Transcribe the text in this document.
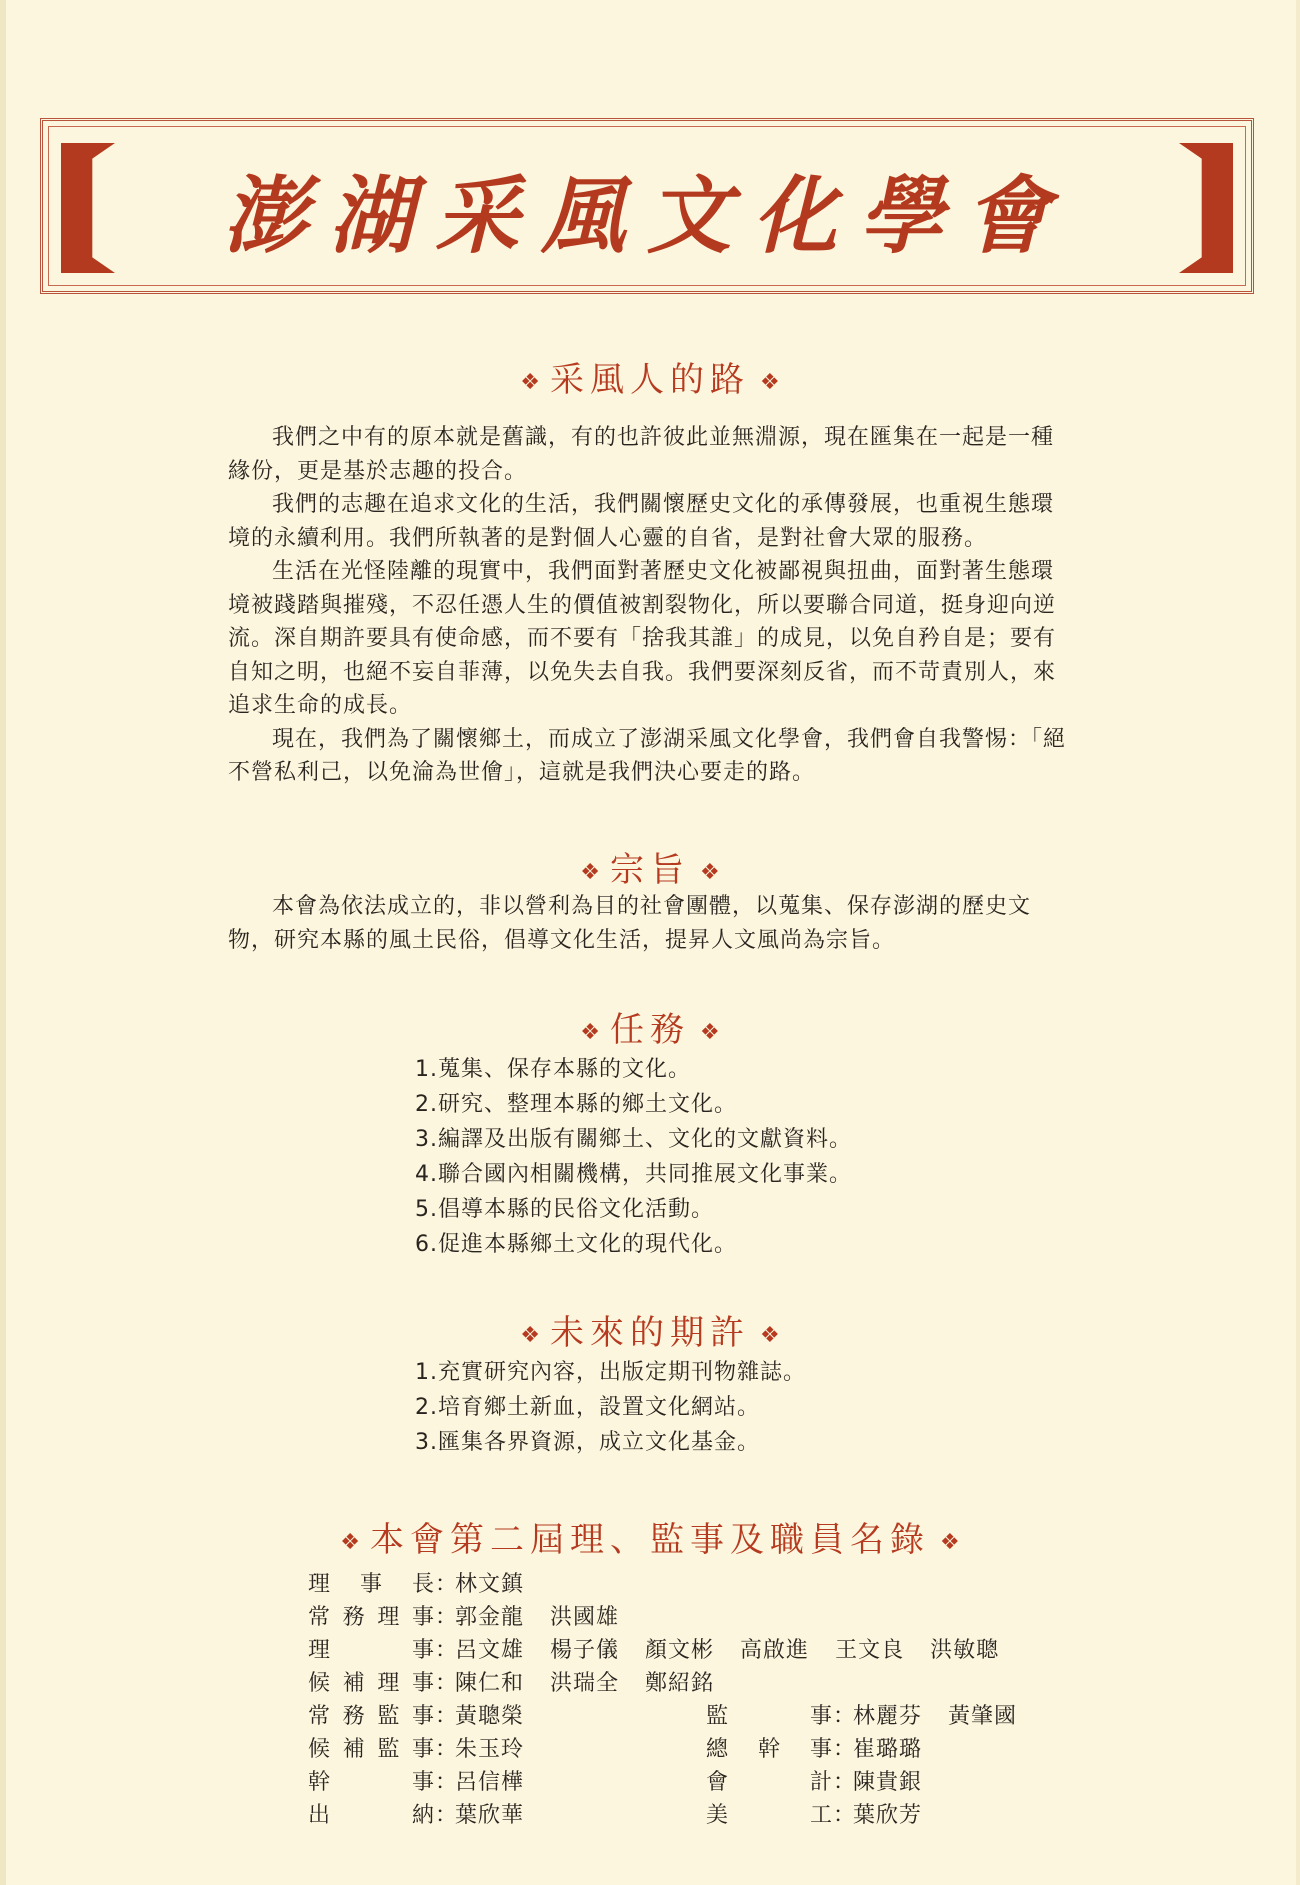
澎湖采風文化學會
❖ 采風人的路 ❖

我們之中有的原本就是舊識，有的也許彼此並無淵源，現在匯集在一起是一種緣份，更是基於志趣的投合。

我們的志趣在追求文化的生活，我們關懷歷史文化的承傳發展，也重視生態環境的永續利用。我們所執著的是對個人心靈的自省，是對社會大眾的服務。

生活在光怪陸離的現實中，我們面對著歷史文化被鄙視與扭曲，面對著生態環境被踐踏與摧殘，不忍任憑人生的價值被割裂物化，所以要聯合同道，挺身迎向逆流。深自期許要具有使命感，而不要有「捨我其誰」的成見，以免自矜自是；要有自知之明，也絕不妄自菲薄，以免失去自我。我們要深刻反省，而不苛責別人，來追求生命的成長。

現在，我們為了關懷鄉土，而成立了澎湖采風文化學會，我們會自我警惕：「絕不營私利己，以免淪為世儈」，這就是我們決心要走的路。

❖ 宗旨 ❖

本會為依法成立的，非以營利為目的社會團體，以蒐集、保存澎湖的歷史文物，研究本縣的風土民俗，倡導文化生活，提昇人文風尚為宗旨。

❖ 任務 ❖
1.蒐集、保存本縣的文化。
2.研究、整理本縣的鄉土文化。
3.編譯及出版有關鄉土、文化的文獻資料。
4.聯合國內相關機構，共同推展文化事業。
5.倡導本縣的民俗文化活動。
6.促進本縣鄉土文化的現代化。
❖ 未來的期許 ❖
1.充實研究內容，出版定期刊物雜誌。
2.培育鄉土新血，設置文化網站。
3.匯集各界資源，成立文化基金。
❖ 本會第二屆理、監事及職員名錄 ❖
理事長 ：
林文鎮
常務理事 ：
郭金龍 洪國雄
理事 ：
呂文雄 楊子儀 顏文彬 高啟進 王文良 洪敏聰
候補理事 ：
陳仁和 洪瑞全 鄭紹銘
常務監事 ：
黃聰榮
候補監事 ：
朱玉玲
幹事 ：
呂信樺
出納 ：
葉欣華
監事 ：
林麗芬 黃肇國
總幹事 ：
崔璐璐
會計 ：
陳貴銀
美工 ：
葉欣芳
